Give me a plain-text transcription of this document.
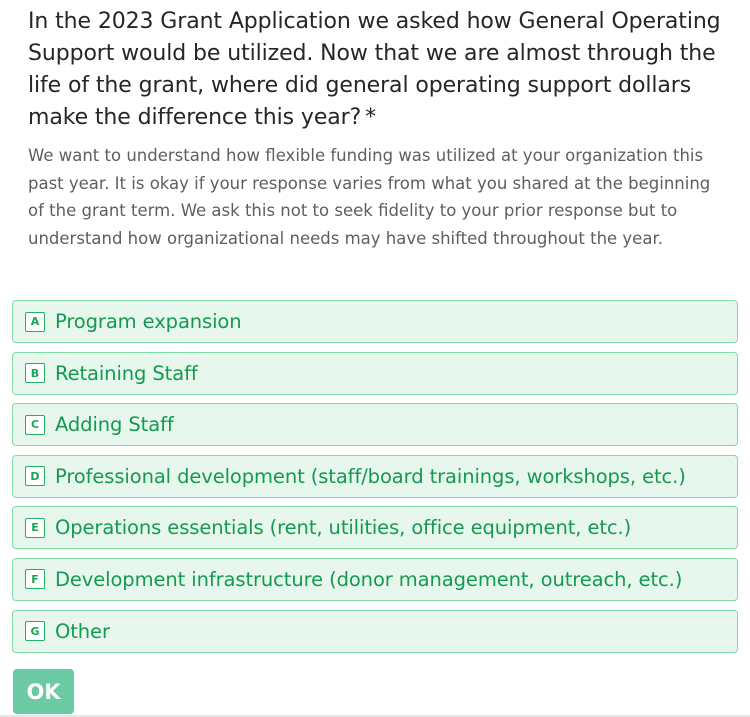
In the 2023 Grant Application we asked how General Operating Support would be utilized. Now that we are almost through the life of the grant, where did general operating support dollars make the difference this year? *

We want to understand how flexible funding was utilized at your organization this past year. It is okay if your response varies from what you shared at the beginning of the grant term. We ask this not to seek fidelity to your prior response but to understand how organizational needs may have shifted throughout the year.

A Program expansion
B Retaining Staff
C Adding Staff
D Professional development (staff/board trainings, workshops, etc.)
E Operations essentials (rent, utilities, office equipment, etc.)
F Development infrastructure (donor management, outreach, etc.)
G Other
OK
